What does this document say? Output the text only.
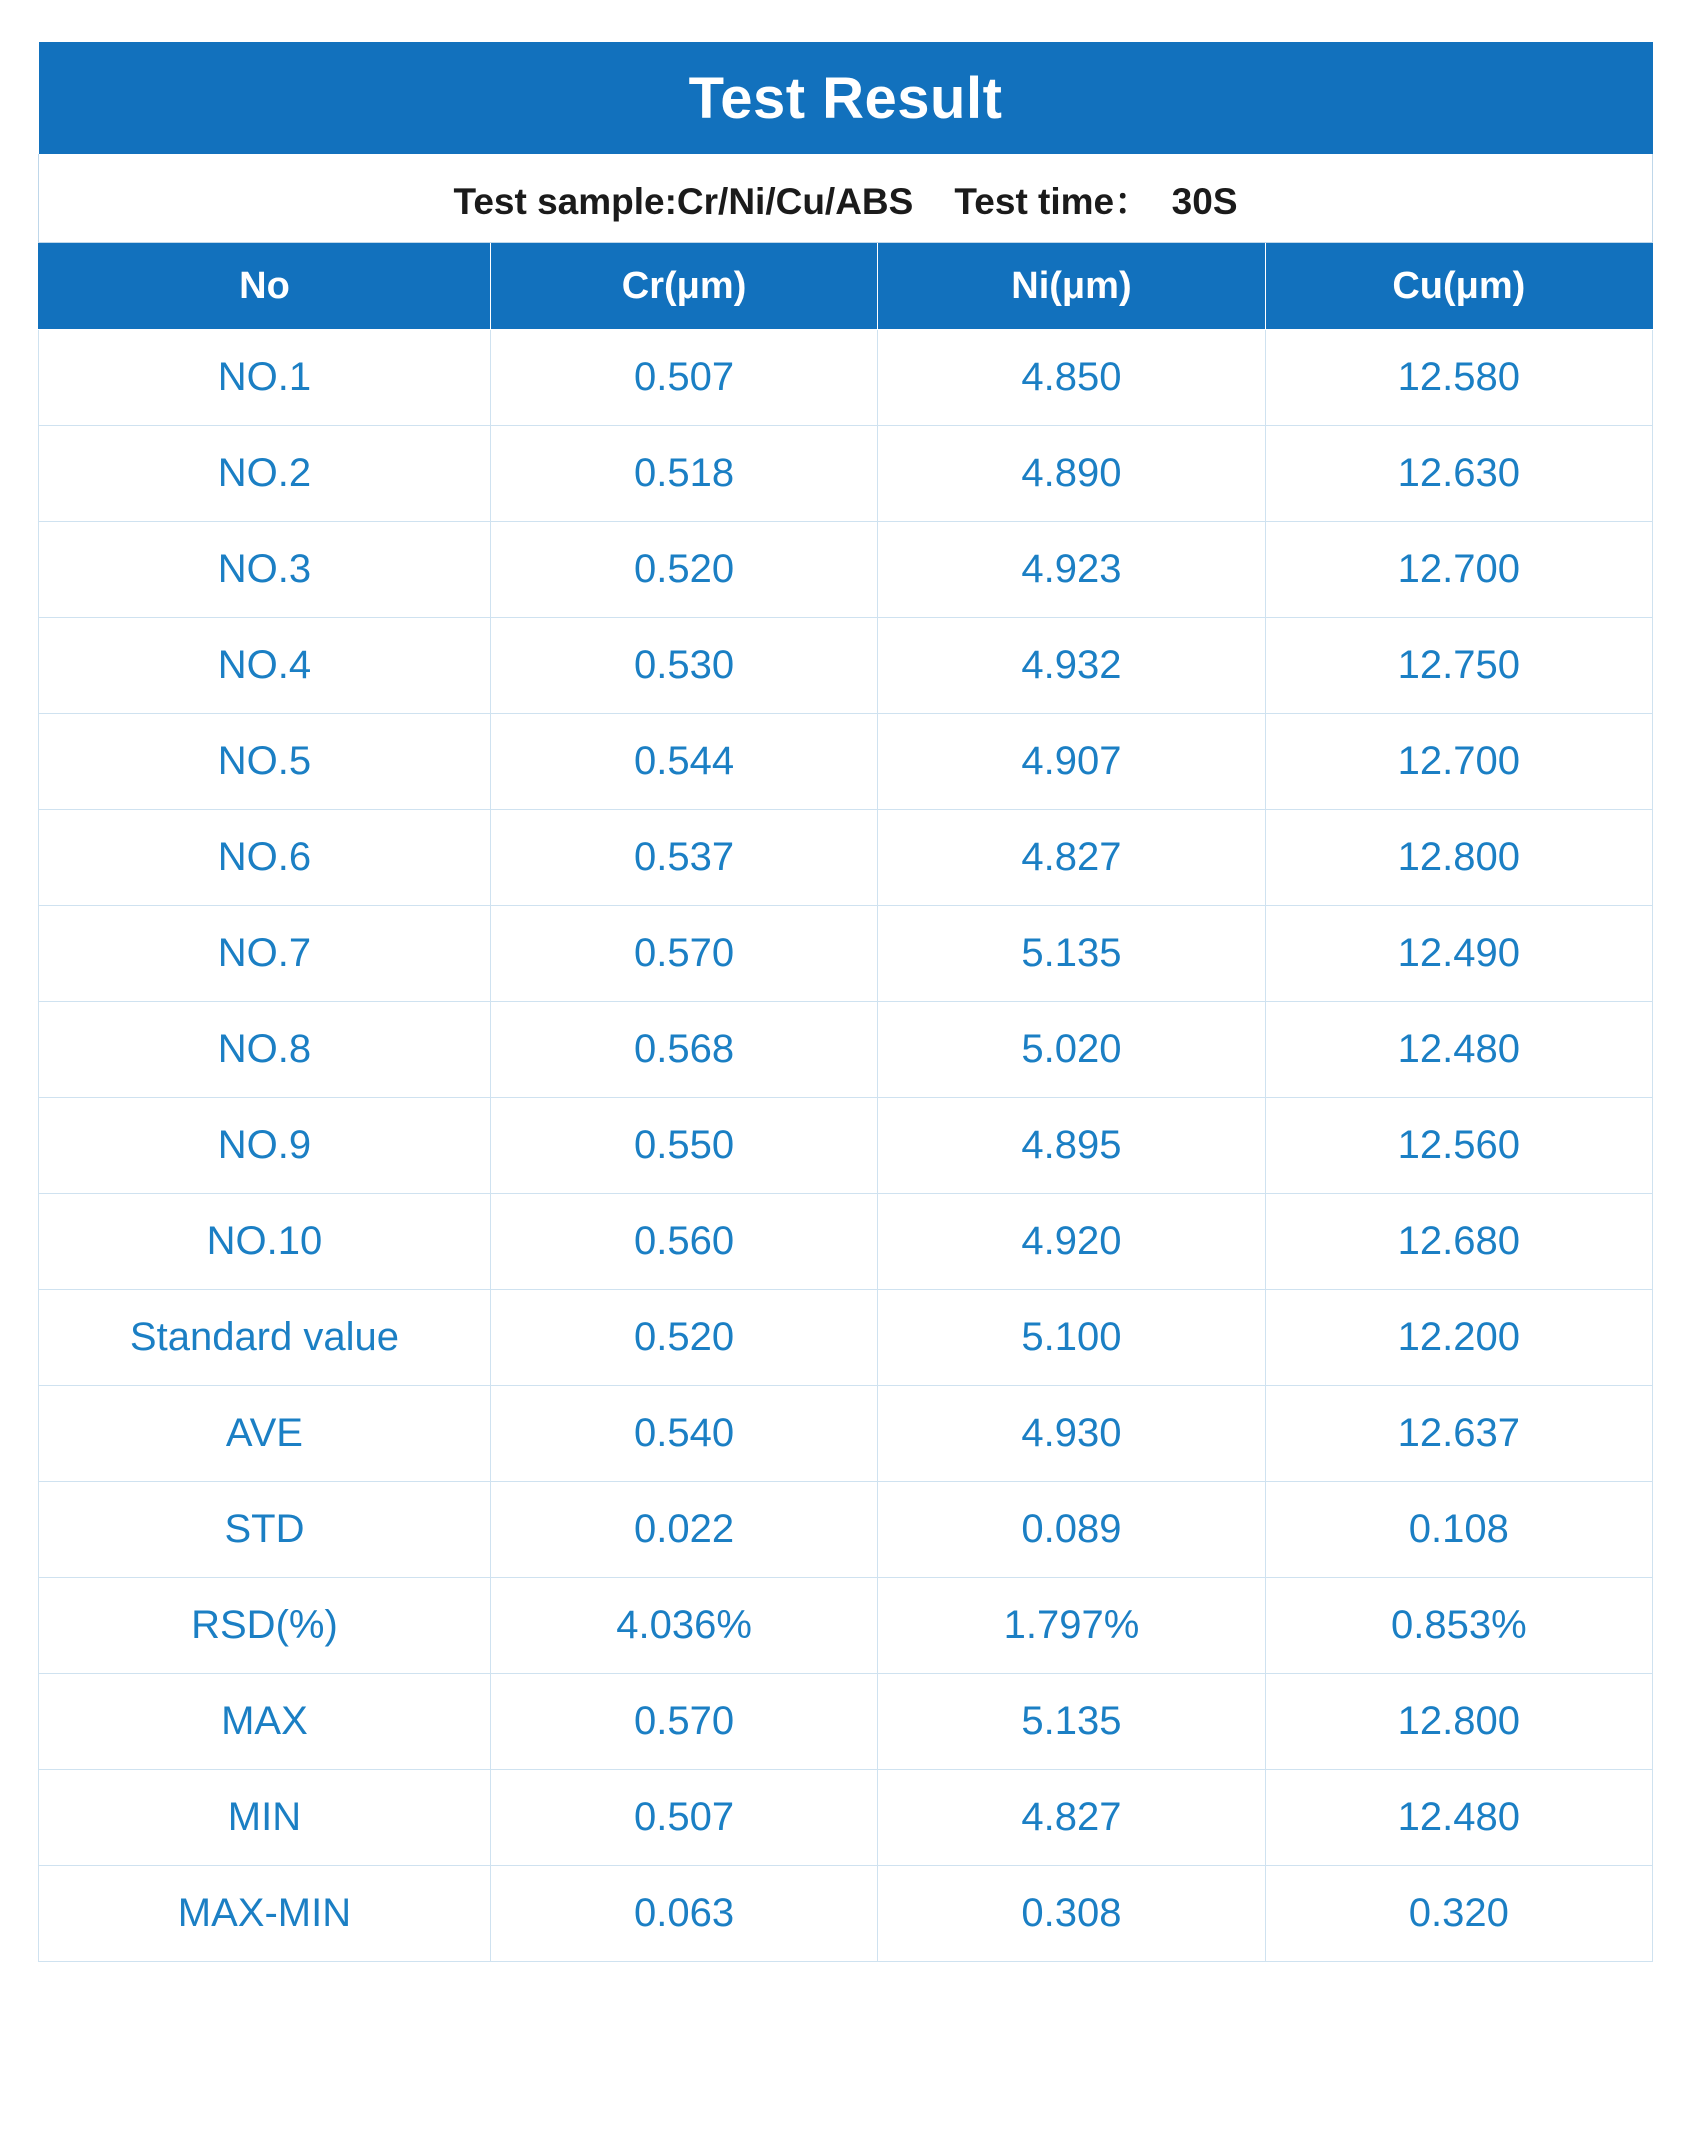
Test Result			
Test sample:Cr/Ni/Cu/ABS    Test time：  30S			
No	Cr(μm)	Ni(μm)	Cu(μm)
NO.1	0.507	4.850	12.580
NO.2	0.518	4.890	12.630
NO.3	0.520	4.923	12.700
NO.4	0.530	4.932	12.750
NO.5	0.544	4.907	12.700
NO.6	0.537	4.827	12.800
NO.7	0.570	5.135	12.490
NO.8	0.568	5.020	12.480
NO.9	0.550	4.895	12.560
NO.10	0.560	4.920	12.680
Standard value	0.520	5.100	12.200
AVE	0.540	4.930	12.637
STD	0.022	0.089	0.108
RSD(%)	4.036%	1.797%	0.853%
MAX	0.570	5.135	12.800
MIN	0.507	4.827	12.480
MAX-MIN	0.063	0.308	0.320
